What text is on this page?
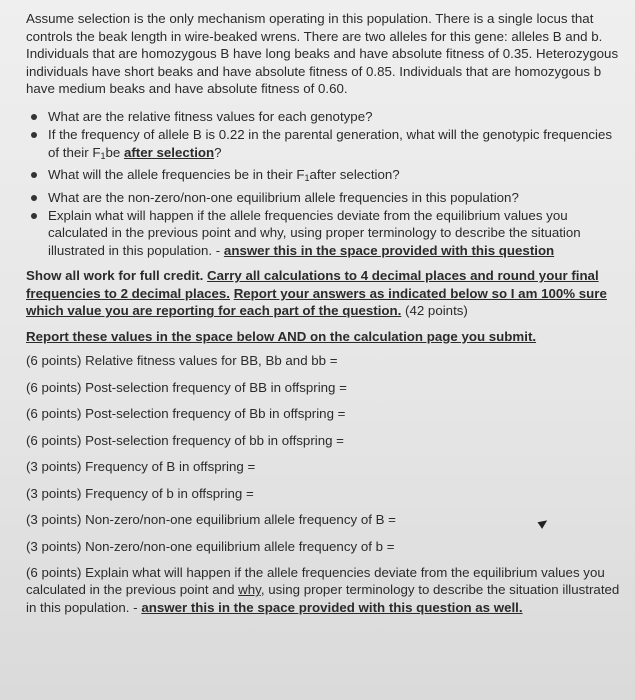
Assume selection is the only mechanism operating in this population. There is a single locus that controls the beak length in wire-beaked wrens. There are two alleles for this gene: alleles B and b. Individuals that are homozygous B have long beaks and have absolute fitness of 0.35. Heterozygous individuals have short beaks and have absolute fitness of 0.85. Individuals that are homozygous b have medium beaks and have absolute fitness of 0.60.

What are the relative fitness values for each genotype?
If the frequency of allele B is 0.22 in the parental generation, what will the genotypic frequencies of their $F_1be$ after selection?
What will the allele frequencies be in their $F_1after$ selection?
What are the non-zero/non-one equilibrium allele frequencies in this population?
Explain what will happen if the allele frequencies deviate from the equilibrium values you calculated in the previous point and why, using proper terminology to describe the situation illustrated in this population. - answer this in the space provided with this question

Show all work for full credit. Carry all calculations to 4 decimal places and round your final frequencies to 2 decimal places. Report your answers as indicated below so I am 100% sure which value you are reporting for each part of the question. (42 points)

Report these values in the space below AND on the calculation page you submit.
(6 points) Relative fitness values for BB, Bb and bb =
(6 points) Post-selection frequency of BB in offspring =
(6 points) Post-selection frequency of Bb in offspring =
(6 points) Post-selection frequency of bb in offspring =
(3 points) Frequency of B in offspring =
(3 points) Frequency of b in offspring =
(3 points) Non-zero/non-one equilibrium allele frequency of B =
(3 points) Non-zero/non-one equilibrium allele frequency of b =
(6 points) Explain what will happen if the allele frequencies deviate from the equilibrium values you calculated in the previous point and why, using proper terminology to describe the situation illustrated in this population. - answer this in the space provided with this question as well.
